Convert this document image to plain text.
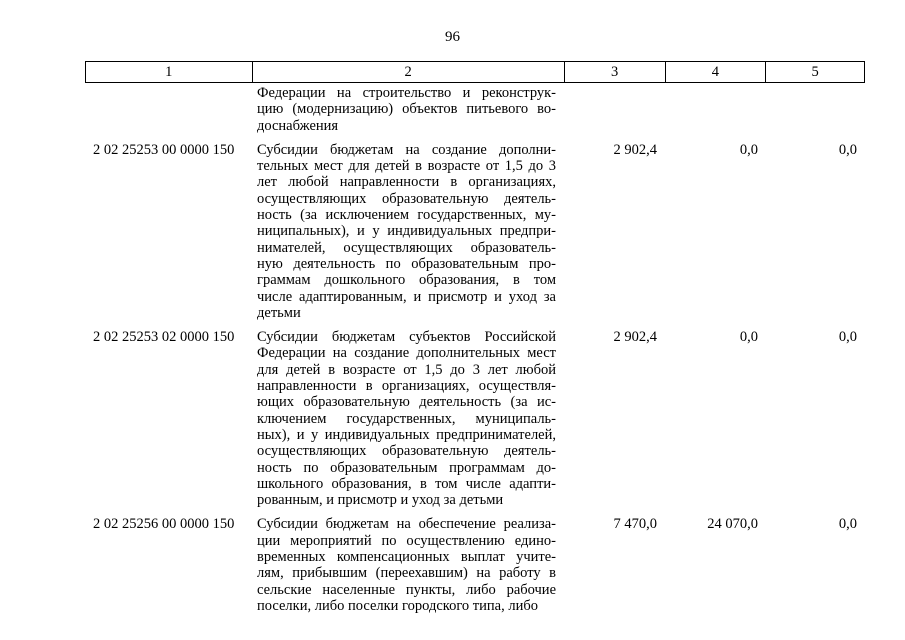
96
1	2	3	4	5
Федерации на строительство и реконструк-
цию (модернизацию) объектов питьевого во-
доснабжения
2 02 25253 00 0000 150	Субсидии бюджетам на создание дополни-
тельных мест для детей в возрасте от 1,5 до 3
лет любой направленности в организациях,
осуществляющих образовательную деятель-
ность (за исключением государственных, му-
ниципальных), и у индивидуальных предпри-
нимателей, осуществляющих образователь-
ную деятельность по образовательным про-
граммам дошкольного образования, в том
числе адаптированным, и присмотр и уход за
детьми
2 902,4	0,0	0,0
2 02 25253 02 0000 150	Субсидии бюджетам субъектов Российской
Федерации на создание дополнительных мест
для детей в возрасте от 1,5 до 3 лет любой
направленности в организациях, осуществля-
ющих образовательную деятельность (за ис-
ключением государственных, муниципаль-
ных), и у индивидуальных предпринимателей,
осуществляющих образовательную деятель-
ность по образовательным программам до-
школьного образования, в том числе адапти-
рованным, и присмотр и уход за детьми
2 902,4	0,0	0,0
2 02 25256 00 0000 150	Субсидии бюджетам на обеспечение реализа-
ции мероприятий по осуществлению едино-
временных компенсационных выплат учите-
лям, прибывшим (переехавшим) на работу в
сельские населенные пункты, либо рабочие
поселки, либо поселки городского типа, либо
7 470,0	24 070,0	0,0
